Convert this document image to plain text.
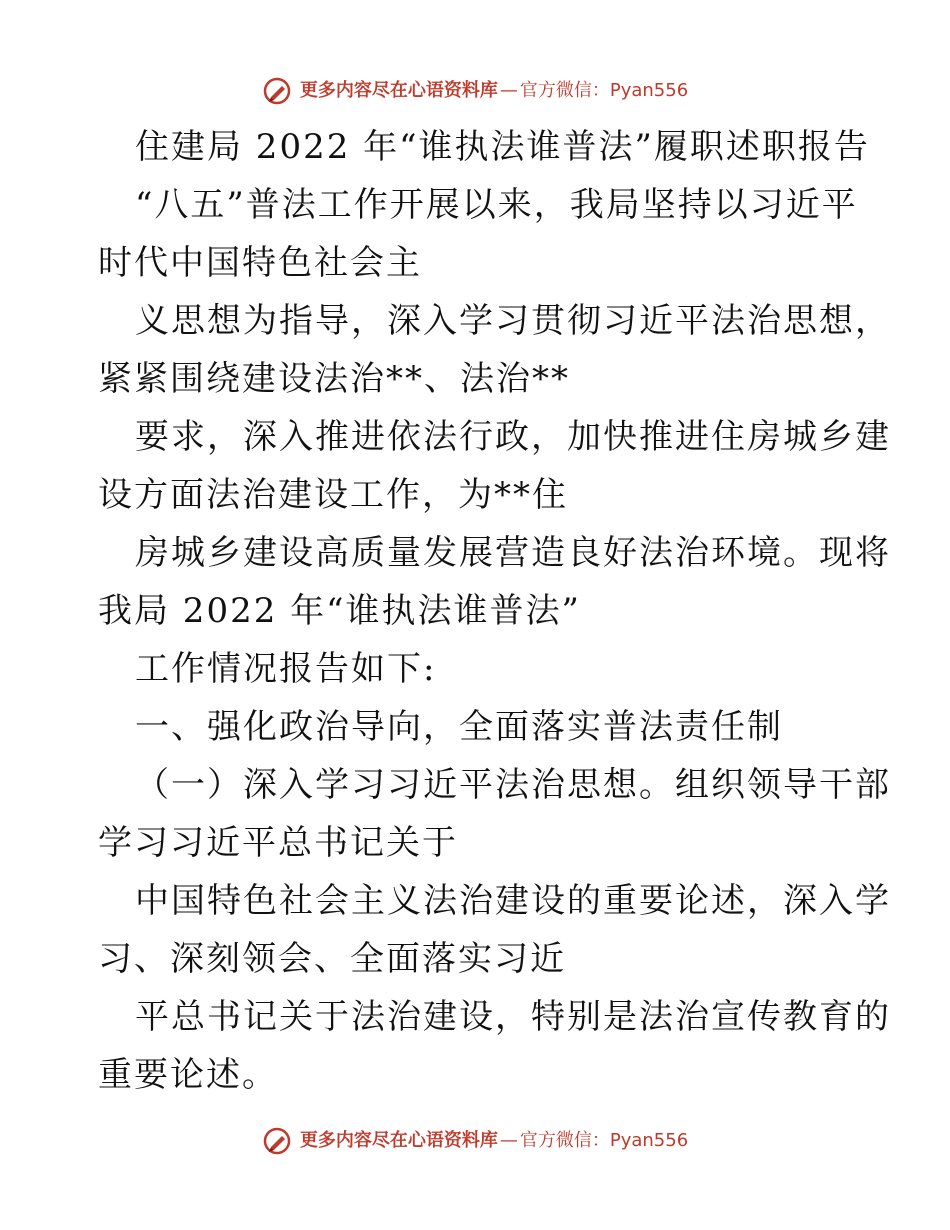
更多内容尽在心语资料库 — 官方微信：Pyan556
住建局 2022 年“谁执法谁普法”履职述职报告
“八五”普法工作开展以来，我局坚持以习近平
时代中国特色社会主
义思想为指导，深入学习贯彻习近平法治思想，
紧紧围绕建设法治**、法治**
要求，深入推进依法行政，加快推进住房城乡建
设方面法治建设工作，为**住
房城乡建设高质量发展营造良好法治环境。现将
我局 2022 年“谁执法谁普法”
工作情况报告如下:
一、强化政治导向，全面落实普法责任制
（一）深入学习习近平法治思想。组织领导干部
学习习近平总书记关于
中国特色社会主义法治建设的重要论述，深入学
习、深刻领会、全面落实习近
平总书记关于法治建设，特别是法治宣传教育的
重要论述。
更多内容尽在心语资料库 — 官方微信：Pyan556
